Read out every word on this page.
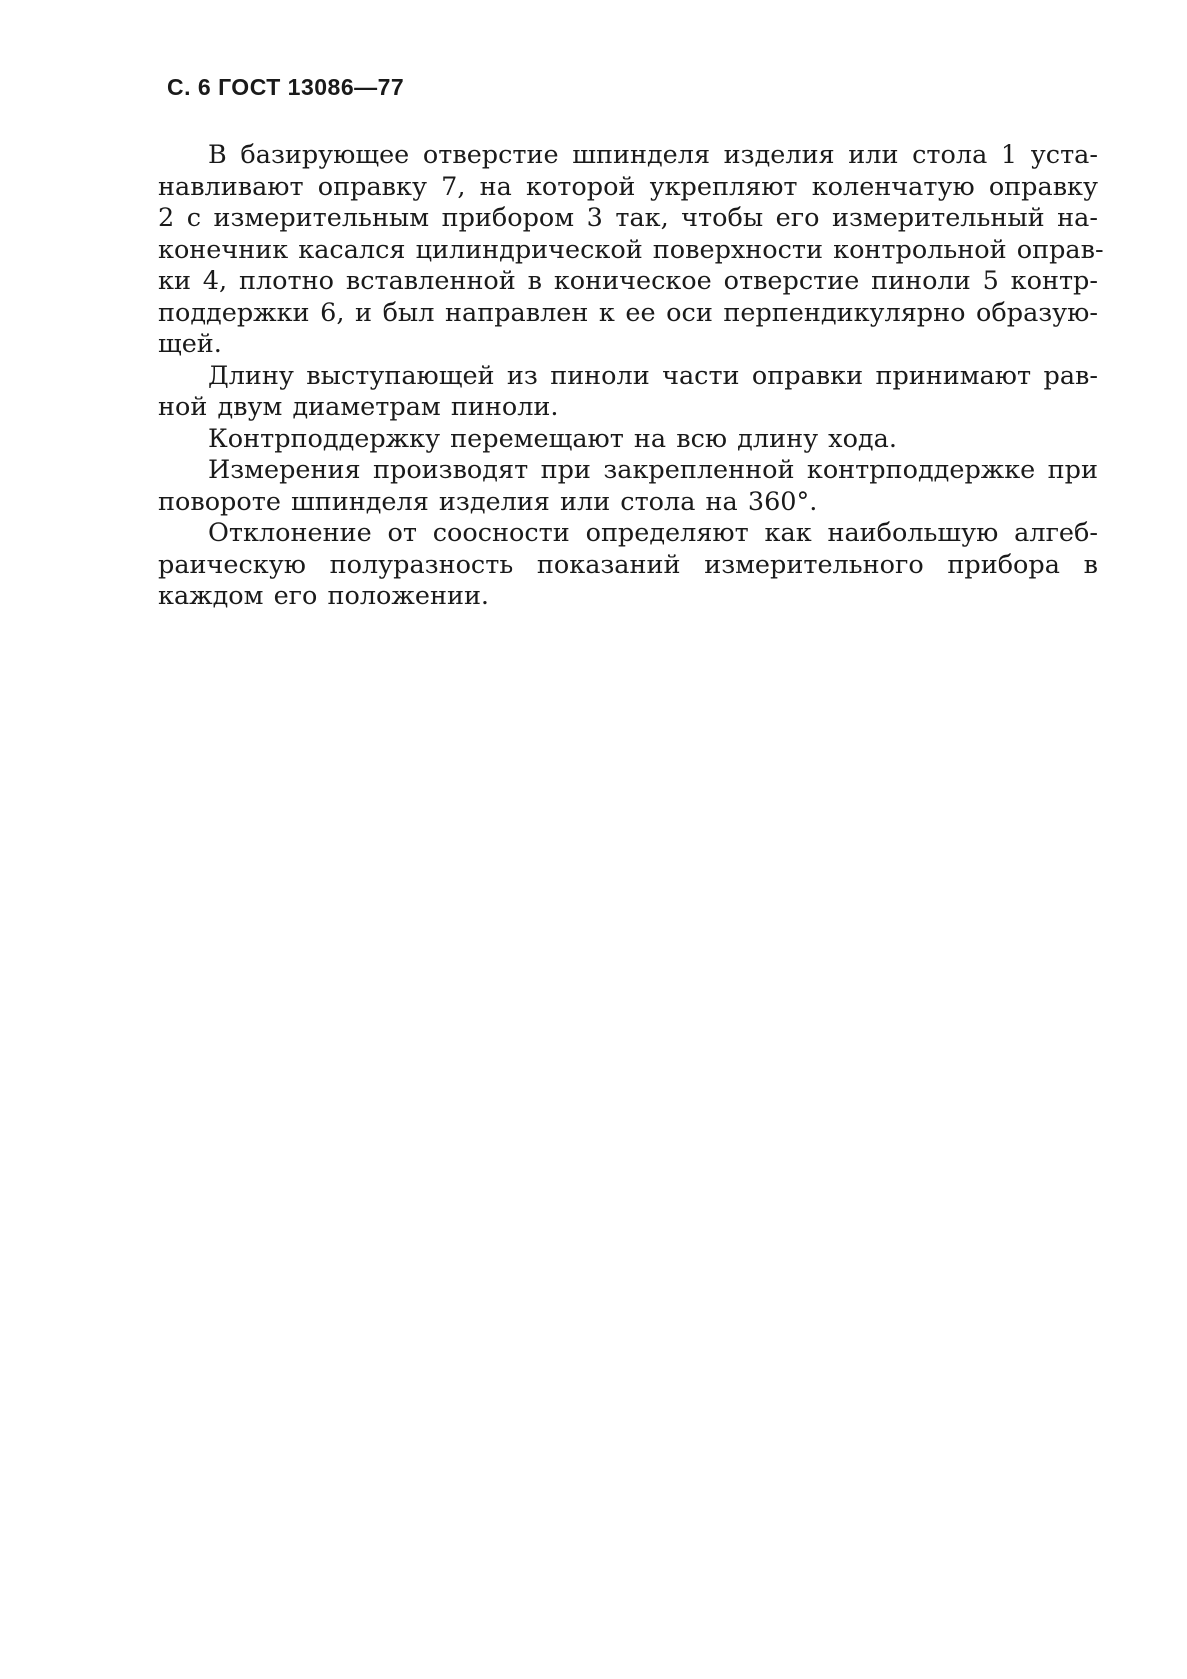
С. 6 ГОСТ 13086—77
В базирующее отверстие шпинделя изделия или стола 1 уста-
навливают оправку 7, на которой укрепляют коленчатую оправку
2 с измерительным прибором 3 так, чтобы его измерительный на-
конечник касался цилиндрической поверхности контрольной оправ-
ки 4, плотно вставленной в коническое отверстие пиноли 5 контр-
поддержки 6, и был направлен к ее оси перпендикулярно образую-
щей.
Длину выступающей из пиноли части оправки принимают рав-
ной двум диаметрам пиноли.
Контрподдержку перемещают на всю длину хода.
Измерения производят при закрепленной контрподдержке при
повороте шпинделя изделия или стола на 360°.
Отклонение от соосности определяют как наибольшую алгеб-
раическую полуразность показаний измерительного прибора в
каждом его положении.
